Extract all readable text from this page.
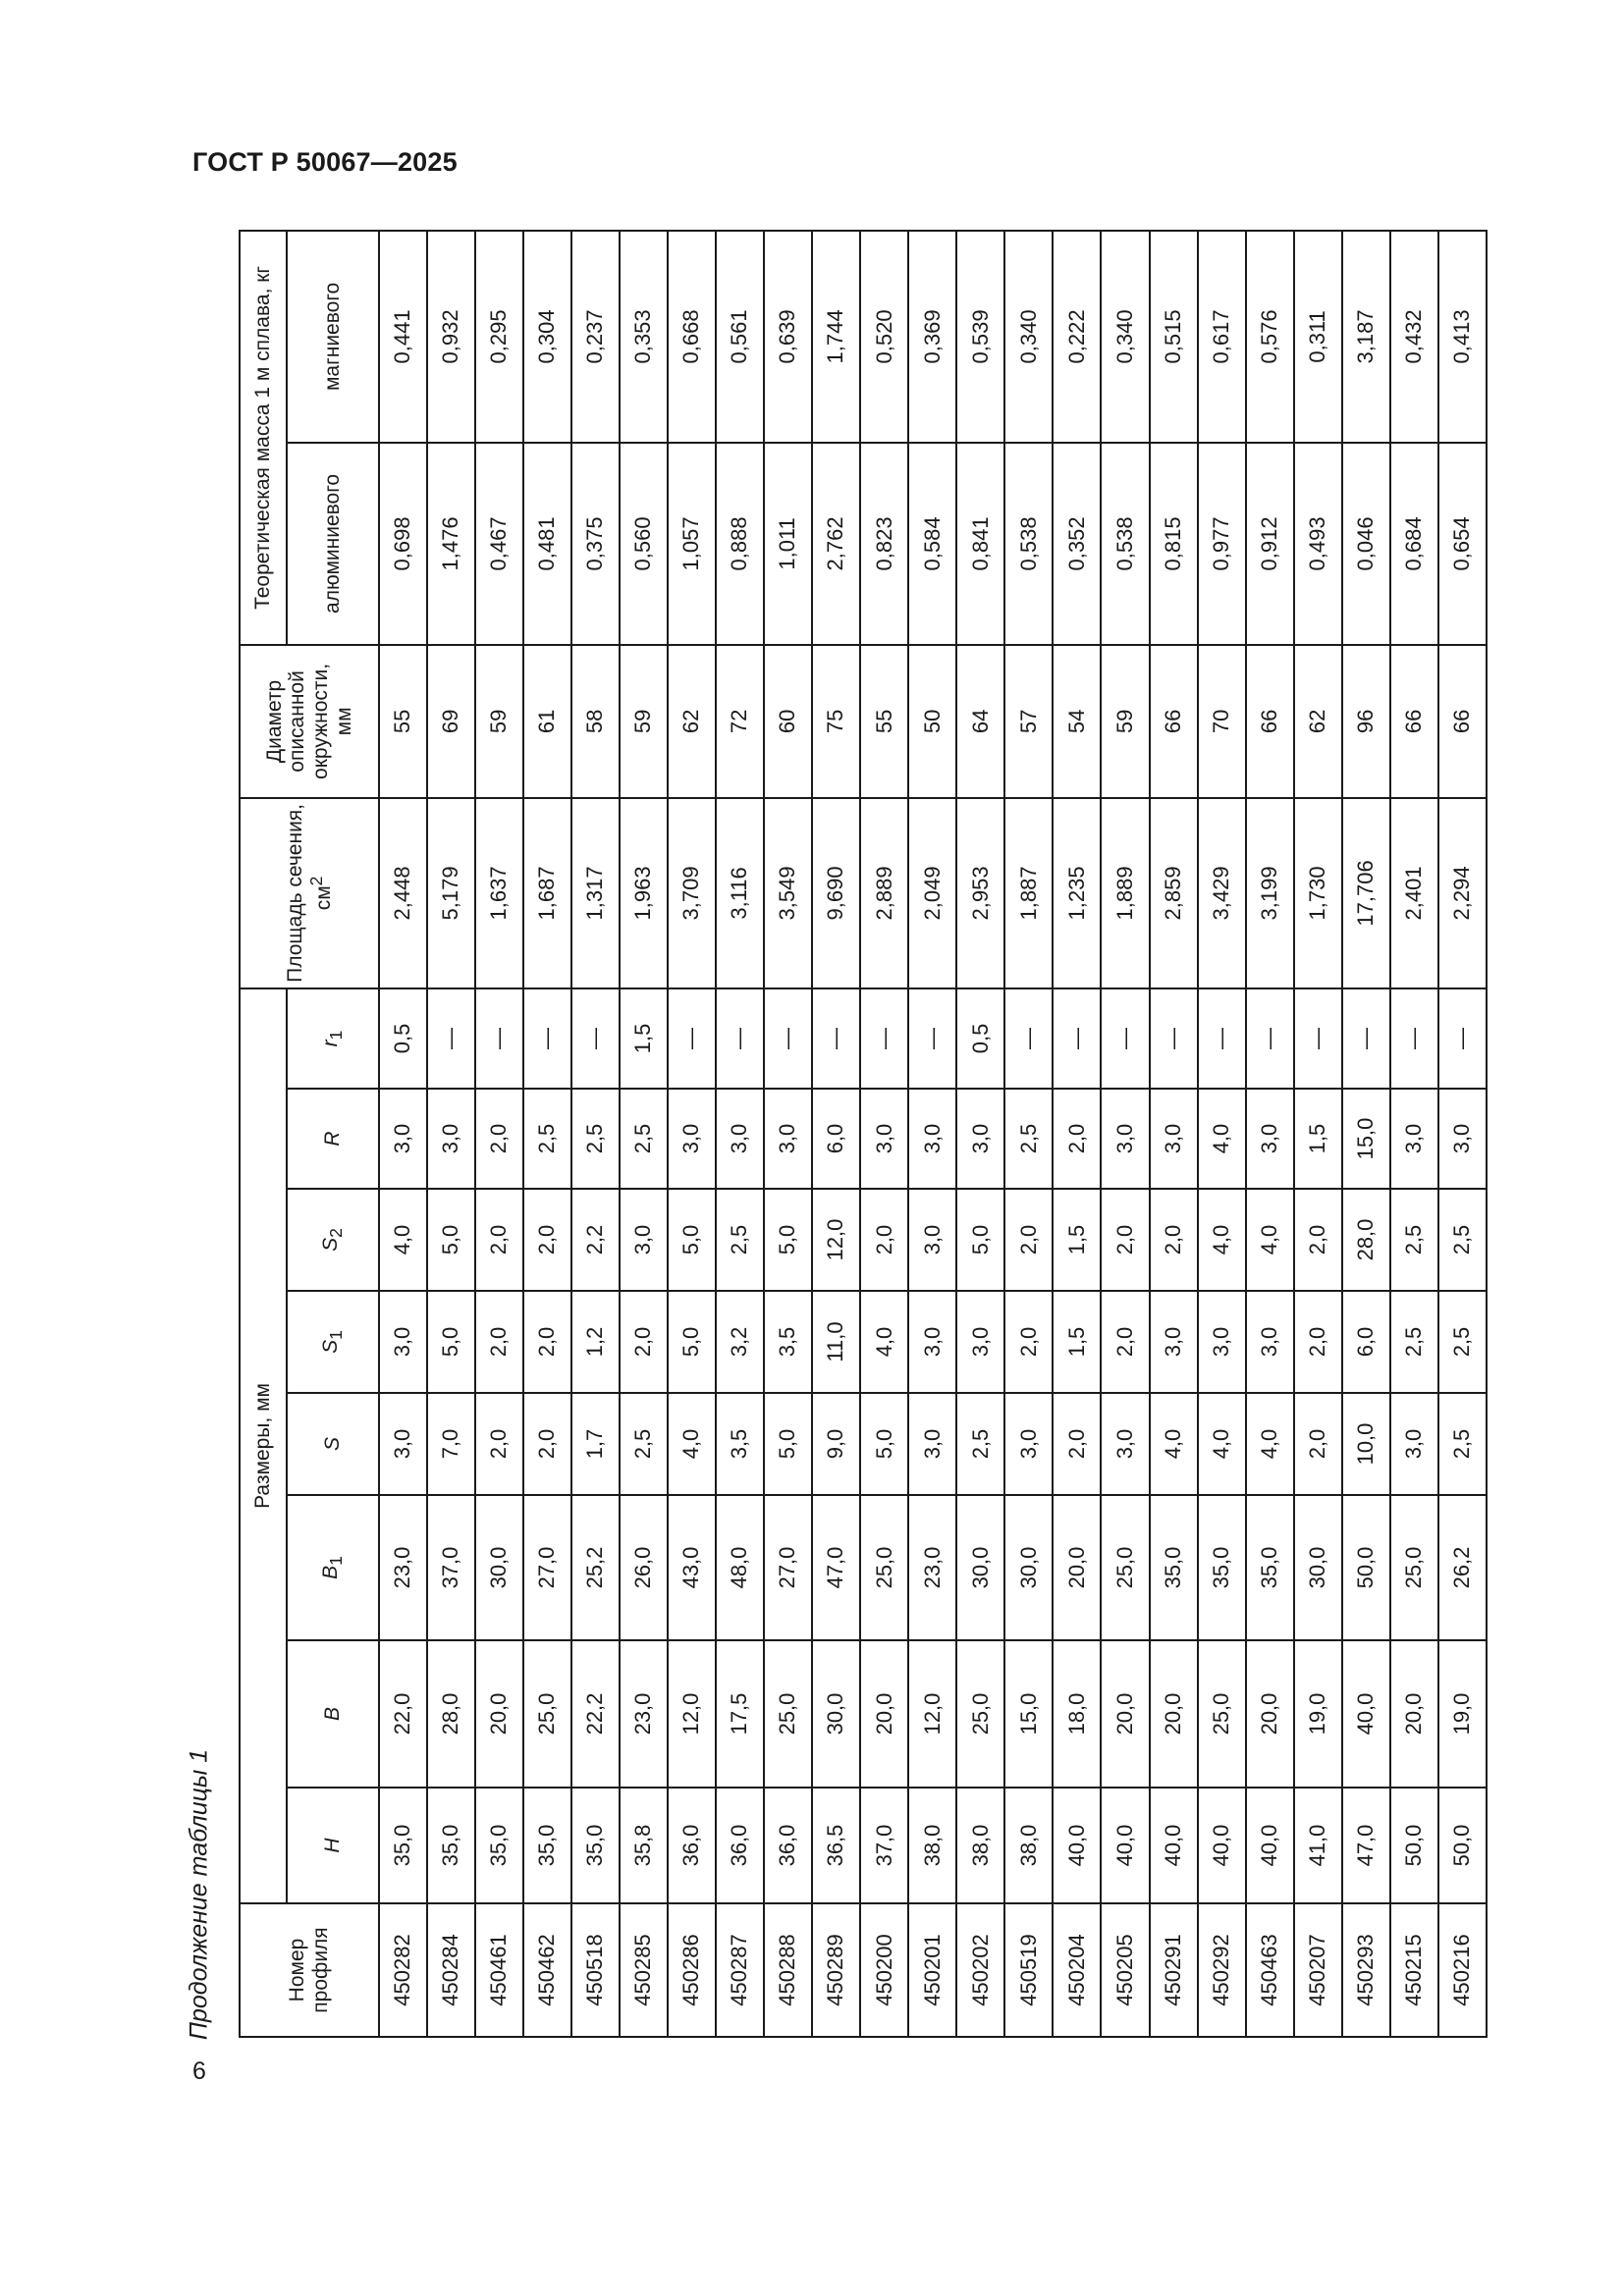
ГОСТ Р 50067—2025
Продолжение таблицы 1	Номер профиля	Размеры, мм								Площадь сечения, $см^2$	Диаметр описанной окружности, мм	Теоретическая масса 1 м сплава, кг	
	H	B	$B_1$	S	$S_1$	$S_2$	R	$r_1$			алюминиевого	магниевого
450282	35,0	22,0	23,0	3,0	3,0	4,0	3,0	0,5	2,448	55	0,698	0,441
450284	35,0	28,0	37,0	7,0	5,0	5,0	3,0	—	5,179	69	1,476	0,932
450461	35,0	20,0	30,0	2,0	2,0	2,0	2,0	—	1,637	59	0,467	0,295
450462	35,0	25,0	27,0	2,0	2,0	2,0	2,5	—	1,687	61	0,481	0,304
450518	35,0	22,2	25,2	1,7	1,2	2,2	2,5	—	1,317	58	0,375	0,237
450285	35,8	23,0	26,0	2,5	2,0	3,0	2,5	1,5	1,963	59	0,560	0,353
450286	36,0	12,0	43,0	4,0	5,0	5,0	3,0	—	3,709	62	1,057	0,668
450287	36,0	17,5	48,0	3,5	3,2	2,5	3,0	—	3,116	72	0,888	0,561
450288	36,0	25,0	27,0	5,0	3,5	5,0	3,0	—	3,549	60	1,011	0,639
450289	36,5	30,0	47,0	9,0	11,0	12,0	6,0	—	9,690	75	2,762	1,744
450200	37,0	20,0	25,0	5,0	4,0	2,0	3,0	—	2,889	55	0,823	0,520
450201	38,0	12,0	23,0	3,0	3,0	3,0	3,0	—	2,049	50	0,584	0,369
450202	38,0	25,0	30,0	2,5	3,0	5,0	3,0	0,5	2,953	64	0,841	0,539
450519	38,0	15,0	30,0	3,0	2,0	2,0	2,5	—	1,887	57	0,538	0,340
450204	40,0	18,0	20,0	2,0	1,5	1,5	2,0	—	1,235	54	0,352	0,222
450205	40,0	20,0	25,0	3,0	2,0	2,0	3,0	—	1,889	59	0,538	0,340
450291	40,0	20,0	35,0	4,0	3,0	2,0	3,0	—	2,859	66	0,815	0,515
450292	40,0	25,0	35,0	4,0	3,0	4,0	4,0	—	3,429	70	0,977	0,617
450463	40,0	20,0	35,0	4,0	3,0	4,0	3,0	—	3,199	66	0,912	0,576
450207	41,0	19,0	30,0	2,0	2,0	2,0	1,5	—	1,730	62	0,493	0,311
450293	47,0	40,0	50,0	10,0	6,0	28,0	15,0	—	17,706	96	0,046	3,187
450215	50,0	20,0	25,0	3,0	2,5	2,5	3,0	—	2,401	66	0,684	0,432
450216	50,0	19,0	26,2	2,5	2,5	2,5	3,0	—	2,294	66	0,654	0,413
6
